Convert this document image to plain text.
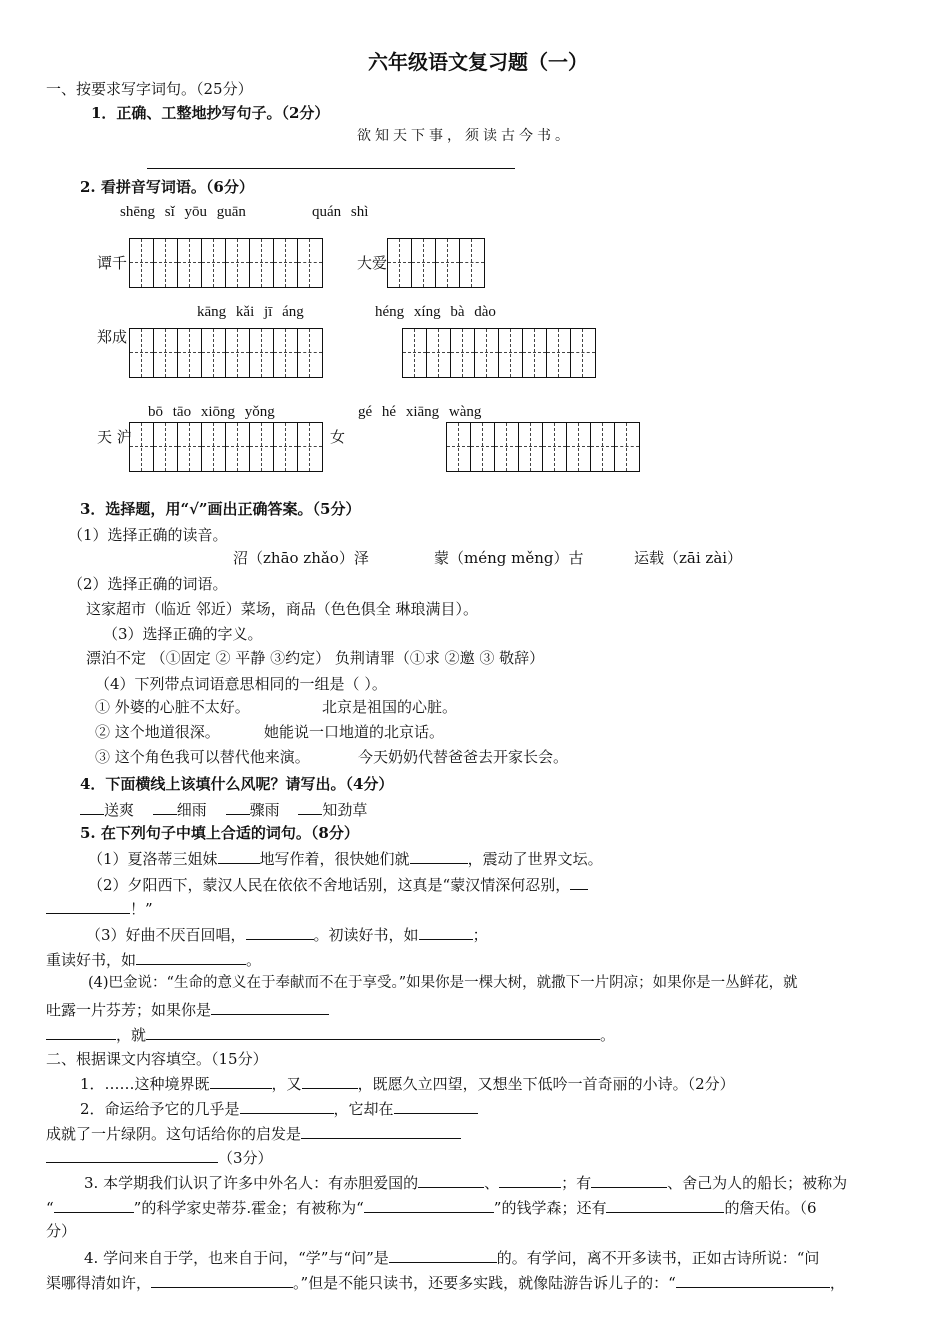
六年级语文复习题（一）
一、按要求写字词句。（25分）
1．正确、工整地抄写句子。（2分）
欲知天下事，须读古今书。
2. 看拼音写词语。（6分）
shēng sǐ yōu guān	quán shì
谭千	大爱
kāng kǎi jī áng	héng xíng bà dào
郑成
bō tāo xiōng yǒng	gé hé xiāng wàng
天 沪	女
3．选择题，用“√”画出正确答案。（5分）
（1）选择正确的读音。
沼（zhāo zhǎo）泽	蒙（méng měng）古	运载（zāi zài）
（2）选择正确的词语。
这家超市（临近 邻近）菜场，商品（色色俱全 琳琅满目）。
（3）选择正确的字义。
漂泊不定 （①固定 ② 平静 ③约定） 负荆请罪（①求 ②邀 ③ 敬辞）
（4）下列带点词语意思相同的一组是（ ）。
① 外婆的心脏不太好。	北京是祖国的心脏。
② 这个地道很深。	她能说一口地道的北京话。
③ 这个角色我可以替代他来演。	今天奶奶代替爸爸去开家长会。
4．下面横线上该填什么风呢？请写出。（4分）
送爽	细雨	骤雨	知劲草
5. 在下列句子中填上合适的词句。（8分）
（1）夏洛蒂三姐妹	地写作着，很快她们就	，震动了世界文坛。
（2）夕阳西下，蒙汉人民在依依不舍地话别，这真是“蒙汉情深何忍别，
！”
（3）好曲不厌百回唱，	。初读好书，如	；
重读好书，如	。
(4)巴金说：“生命的意义在于奉献而不在于享受。”如果你是一棵大树，就撒下一片阴凉；如果你是一丛鲜花，就
吐露一片芬芳；如果你是
，就	。
二、根据课文内容填空。（15分）
1．……这种境界既	，又	，既愿久立四望，又想坐下低吟一首奇丽的小诗。（2分）
2．命运给予它的几乎是	，它却在
成就了一片绿阴。这句话给你的启发是
（3分）
3. 本学期我们认识了许多中外名人：有赤胆爱国的	、	；有	、舍己为人的船长；被称为
“	”的科学家史蒂芬.霍金；有被称为“	”的钱学森；还有	的詹天佑。（6
分）
4. 学问来自于学，也来自于问，“学”与“问”是	的。有学问，离不开多读书，正如古诗所说：“问
渠哪得清如许，	。”但是不能只读书，还要多实践，就像陆游告诉儿子的：“	，
